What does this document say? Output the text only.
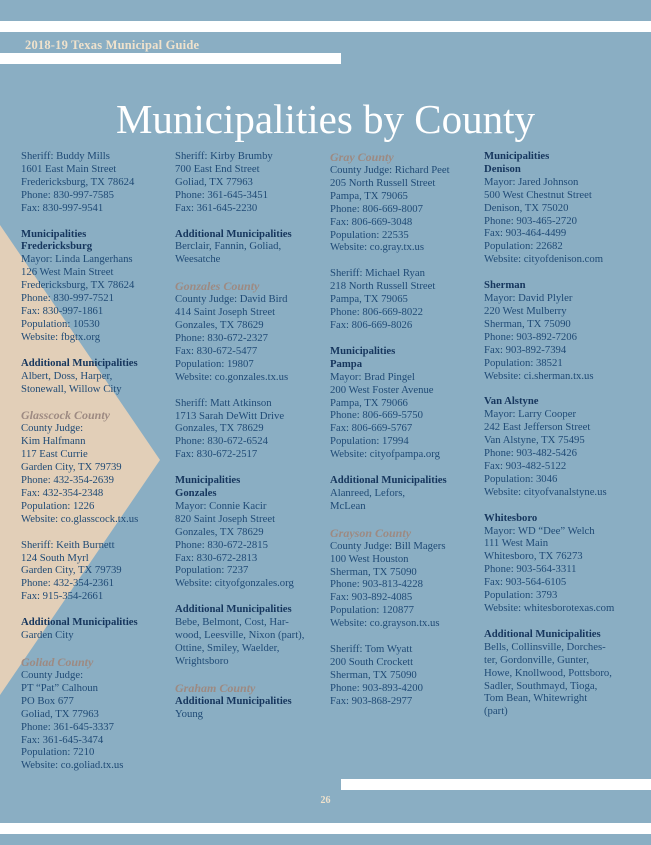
2018-19 Texas Municipal Guide
Municipalities by County

Sheriff: Buddy Mills

1601 East Main Street

Fredericksburg, TX 78624

Phone: 830-997-7585

Fax: 830-997-9541

Municipalities

Fredericksburg

Mayor: Linda Langerhans

126 West Main Street

Fredericksburg, TX 78624

Phone: 830-997-7521

Fax: 830-997-1861

Population: 10530

Website: fbgtx.org

Additional Municipalities

Albert, Doss, Harper,

Stonewall, Willow City

Glasscock County

County Judge:

Kim Halfmann

117 East Currie

Garden City, TX 79739

Phone: 432-354-2639

Fax: 432-354-2348

Population: 1226

Website: co.glasscock.tx.us

Sheriff: Keith Burnett

124 South Myrl

Garden City, TX 79739

Phone: 432-354-2361

Fax: 915-354-2661

Additional Municipalities

Garden City

Goliad County

County Judge:

PT “Pat” Calhoun

PO Box 677

Goliad, TX 77963

Phone: 361-645-3337

Fax: 361-645-3474

Population: 7210

Website: co.goliad.tx.us

Sheriff: Kirby Brumby

700 East End Street

Goliad, TX 77963

Phone: 361-645-3451

Fax: 361-645-2230

Additional Municipalities

Berclair, Fannin, Goliad,

Weesatche

Gonzales County

County Judge: David Bird

414 Saint Joseph Street

Gonzales, TX 78629

Phone: 830-672-2327

Fax: 830-672-5477

Population: 19807

Website: co.gonzales.tx.us

Sheriff: Matt Atkinson

1713 Sarah DeWitt Drive

Gonzales, TX 78629

Phone: 830-672-6524

Fax: 830-672-2517

Municipalities

Gonzales

Mayor: Connie Kacir

820 Saint Joseph Street

Gonzales, TX 78629

Phone: 830-672-2815

Fax: 830-672-2813

Population: 7237

Website: cityofgonzales.org

Additional Municipalities

Bebe, Belmont, Cost, Har-

wood, Leesville, Nixon (part),

Ottine, Smiley, Waelder,

Wrightsboro

Graham County

Additional Municipalities

Young

Gray County

County Judge: Richard Peet

205 North Russell Street

Pampa, TX 79065

Phone: 806-669-8007

Fax: 806-669-3048

Population: 22535

Website: co.gray.tx.us

Sheriff: Michael Ryan

218 North Russell Street

Pampa, TX 79065

Phone: 806-669-8022

Fax: 806-669-8026

Municipalities

Pampa

Mayor: Brad Pingel

200 West Foster Avenue

Pampa, TX 79066

Phone: 806-669-5750

Fax: 806-669-5767

Population: 17994

Website: cityofpampa.org

Additional Municipalities

Alanreed, Lefors,

McLean

Grayson County

County Judge: Bill Magers

100 West Houston

Sherman, TX 75090

Phone: 903-813-4228

Fax: 903-892-4085

Population: 120877

Website: co.grayson.tx.us

Sheriff: Tom Wyatt

200 South Crockett

Sherman, TX 75090

Phone: 903-893-4200

Fax: 903-868-2977

Municipalities

Denison

Mayor: Jared Johnson

500 West Chestnut Street

Denison, TX 75020

Phone: 903-465-2720

Fax: 903-464-4499

Population: 22682

Website: cityofdenison.com

Sherman

Mayor: David Plyler

220 West Mulberry

Sherman, TX 75090

Phone: 903-892-7206

Fax: 903-892-7394

Population: 38521

Website: ci.sherman.tx.us

Van Alstyne

Mayor: Larry Cooper

242 East Jefferson Street

Van Alstyne, TX 75495

Phone: 903-482-5426

Fax: 903-482-5122

Population: 3046

Website: cityofvanalstyne.us

Whitesboro

Mayor: WD “Dee” Welch

111 West Main

Whitesboro, TX 76273

Phone: 903-564-3311

Fax: 903-564-6105

Population: 3793

Website: whitesborotexas.com

Additional Municipalities

Bells, Collinsville, Dorches-

ter, Gordonville, Gunter,

Howe, Knollwood, Pottsboro,

Sadler, Southmayd, Tioga,

Tom Bean, Whitewright

(part)

26
